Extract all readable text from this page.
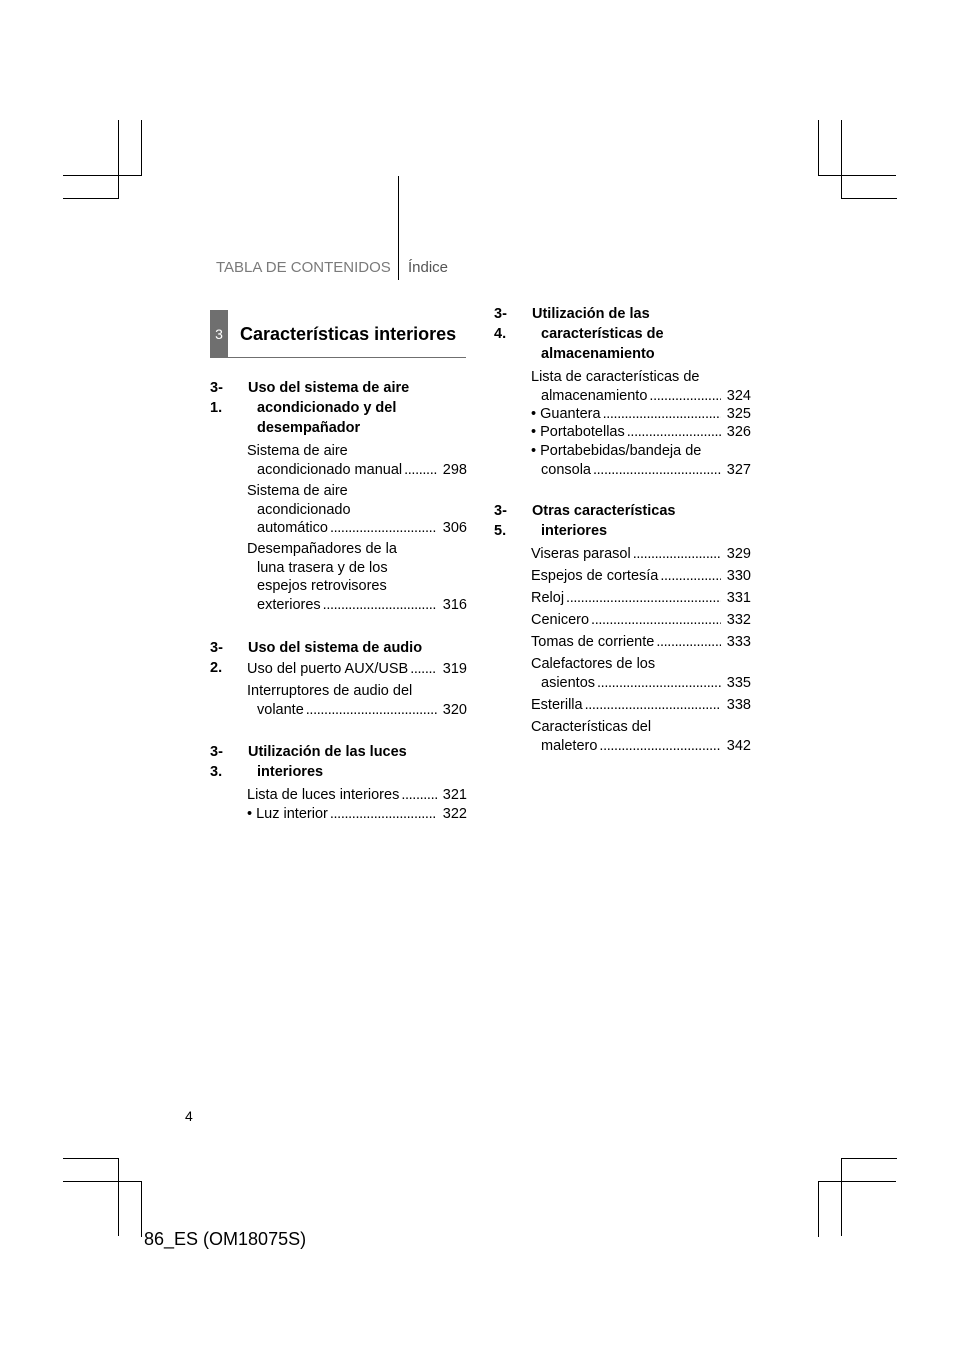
TABLA DE CONTENIDOS Índice
3 Características interiores
3-1.
Uso del sistema de aire
acondicionado y del
desempañador
Sistema de aire
acondicionado manual . . .	298
Sistema de aire
acondicionado
automático . . .	306
Desempañadores de la
luna trasera y de los
espejos retrovisores
exteriores . . .	316
3-2.
Uso del sistema de audio
Uso del puerto AUX/USB . . . 319
Interruptores de audio del
volante . . .	320
3-3.
Utilización de las luces
interiores
Lista de luces interiores . . .	321
• Luz interior . . .	322
3-4.
Utilización de las
características de
almacenamiento
Lista de características de
almacenamiento . . .	324
• Guantera . . .	325
• Portabotellas . . .	326
• Portabebidas/bandeja de
consola . . .	327
3-5.
Otras características
interiores
Viseras parasol . . .	329
Espejos de cortesía . . .	330
Reloj . . .	331
Cenicero . . .	332
Tomas de corriente . . .	333
Calefactores de los
asientos . . .	335
Esterilla . . .	338
Características del
maletero . . .	342
4
86_ES (OM18075S)
